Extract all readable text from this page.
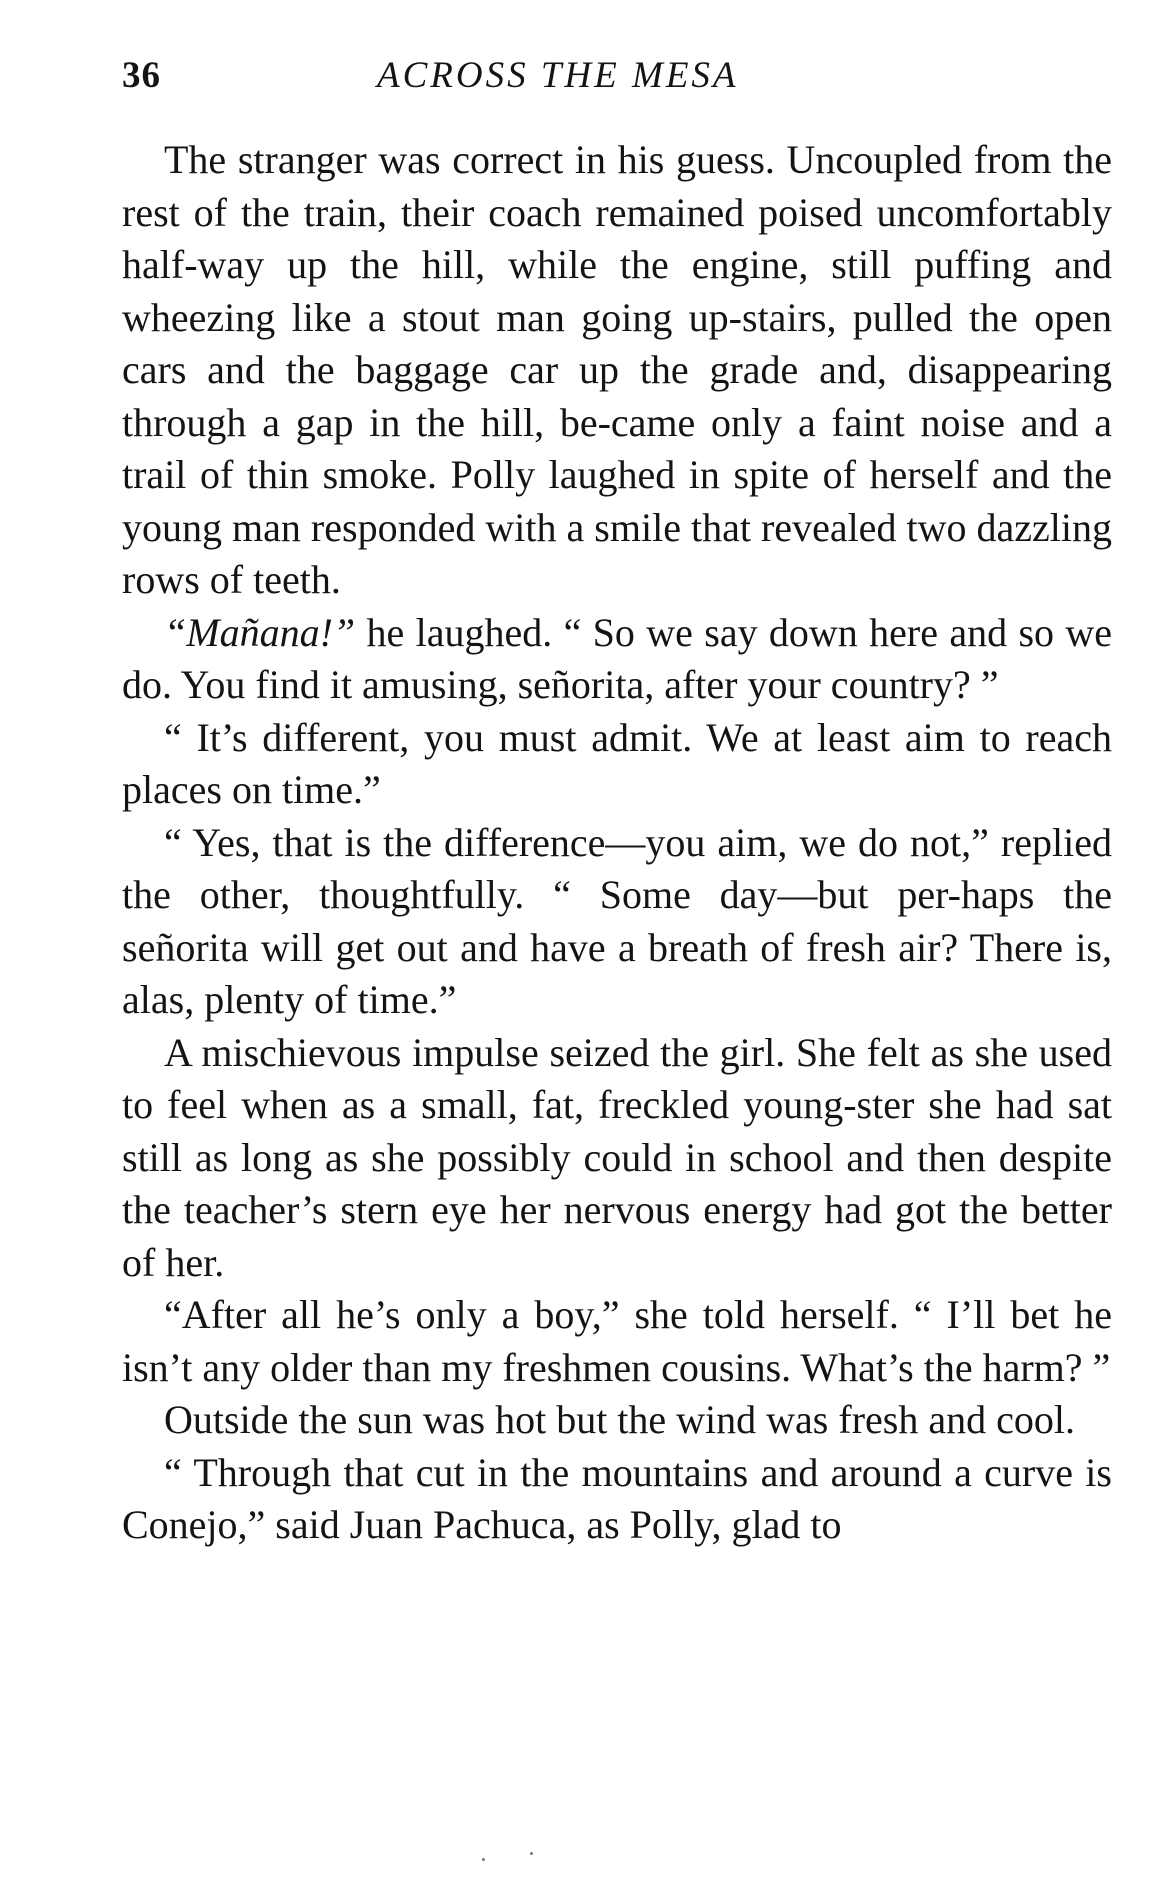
36	ACROSS THE MESA

The stranger was correct in his guess. Uncoupled from the rest of the train, their coach remained poised uncomfortably half-way up the hill, while the engine, still puffing and wheezing like a stout man going up-stairs, pulled the open cars and the baggage car up the grade and, disappearing through a gap in the hill, be-came only a faint noise and a trail of thin smoke. Polly laughed in spite of herself and the young man responded with a smile that revealed two dazzling rows of teeth.

“Mañana!” he laughed. “ So we say down here and so we do. You find it amusing, señorita, after your country? ”

“ It’s different, you must admit. We at least aim to reach places on time.”

“ Yes, that is the difference—you aim, we do not,” replied the other, thoughtfully. “ Some day—but per-haps the señorita will get out and have a breath of fresh air? There is, alas, plenty of time.”

A mischievous impulse seized the girl. She felt as she used to feel when as a small, fat, freckled young-ster she had sat still as long as she possibly could in school and then despite the teacher’s stern eye her nervous energy had got the better of her.

“After all he’s only a boy,” she told herself. “ I’ll bet he isn’t any older than my freshmen cousins. What’s the harm? ”

Outside the sun was hot but the wind was fresh and cool.

“ Through that cut in the mountains and around a curve is Conejo,” said Juan Pachuca, as Polly, glad to
